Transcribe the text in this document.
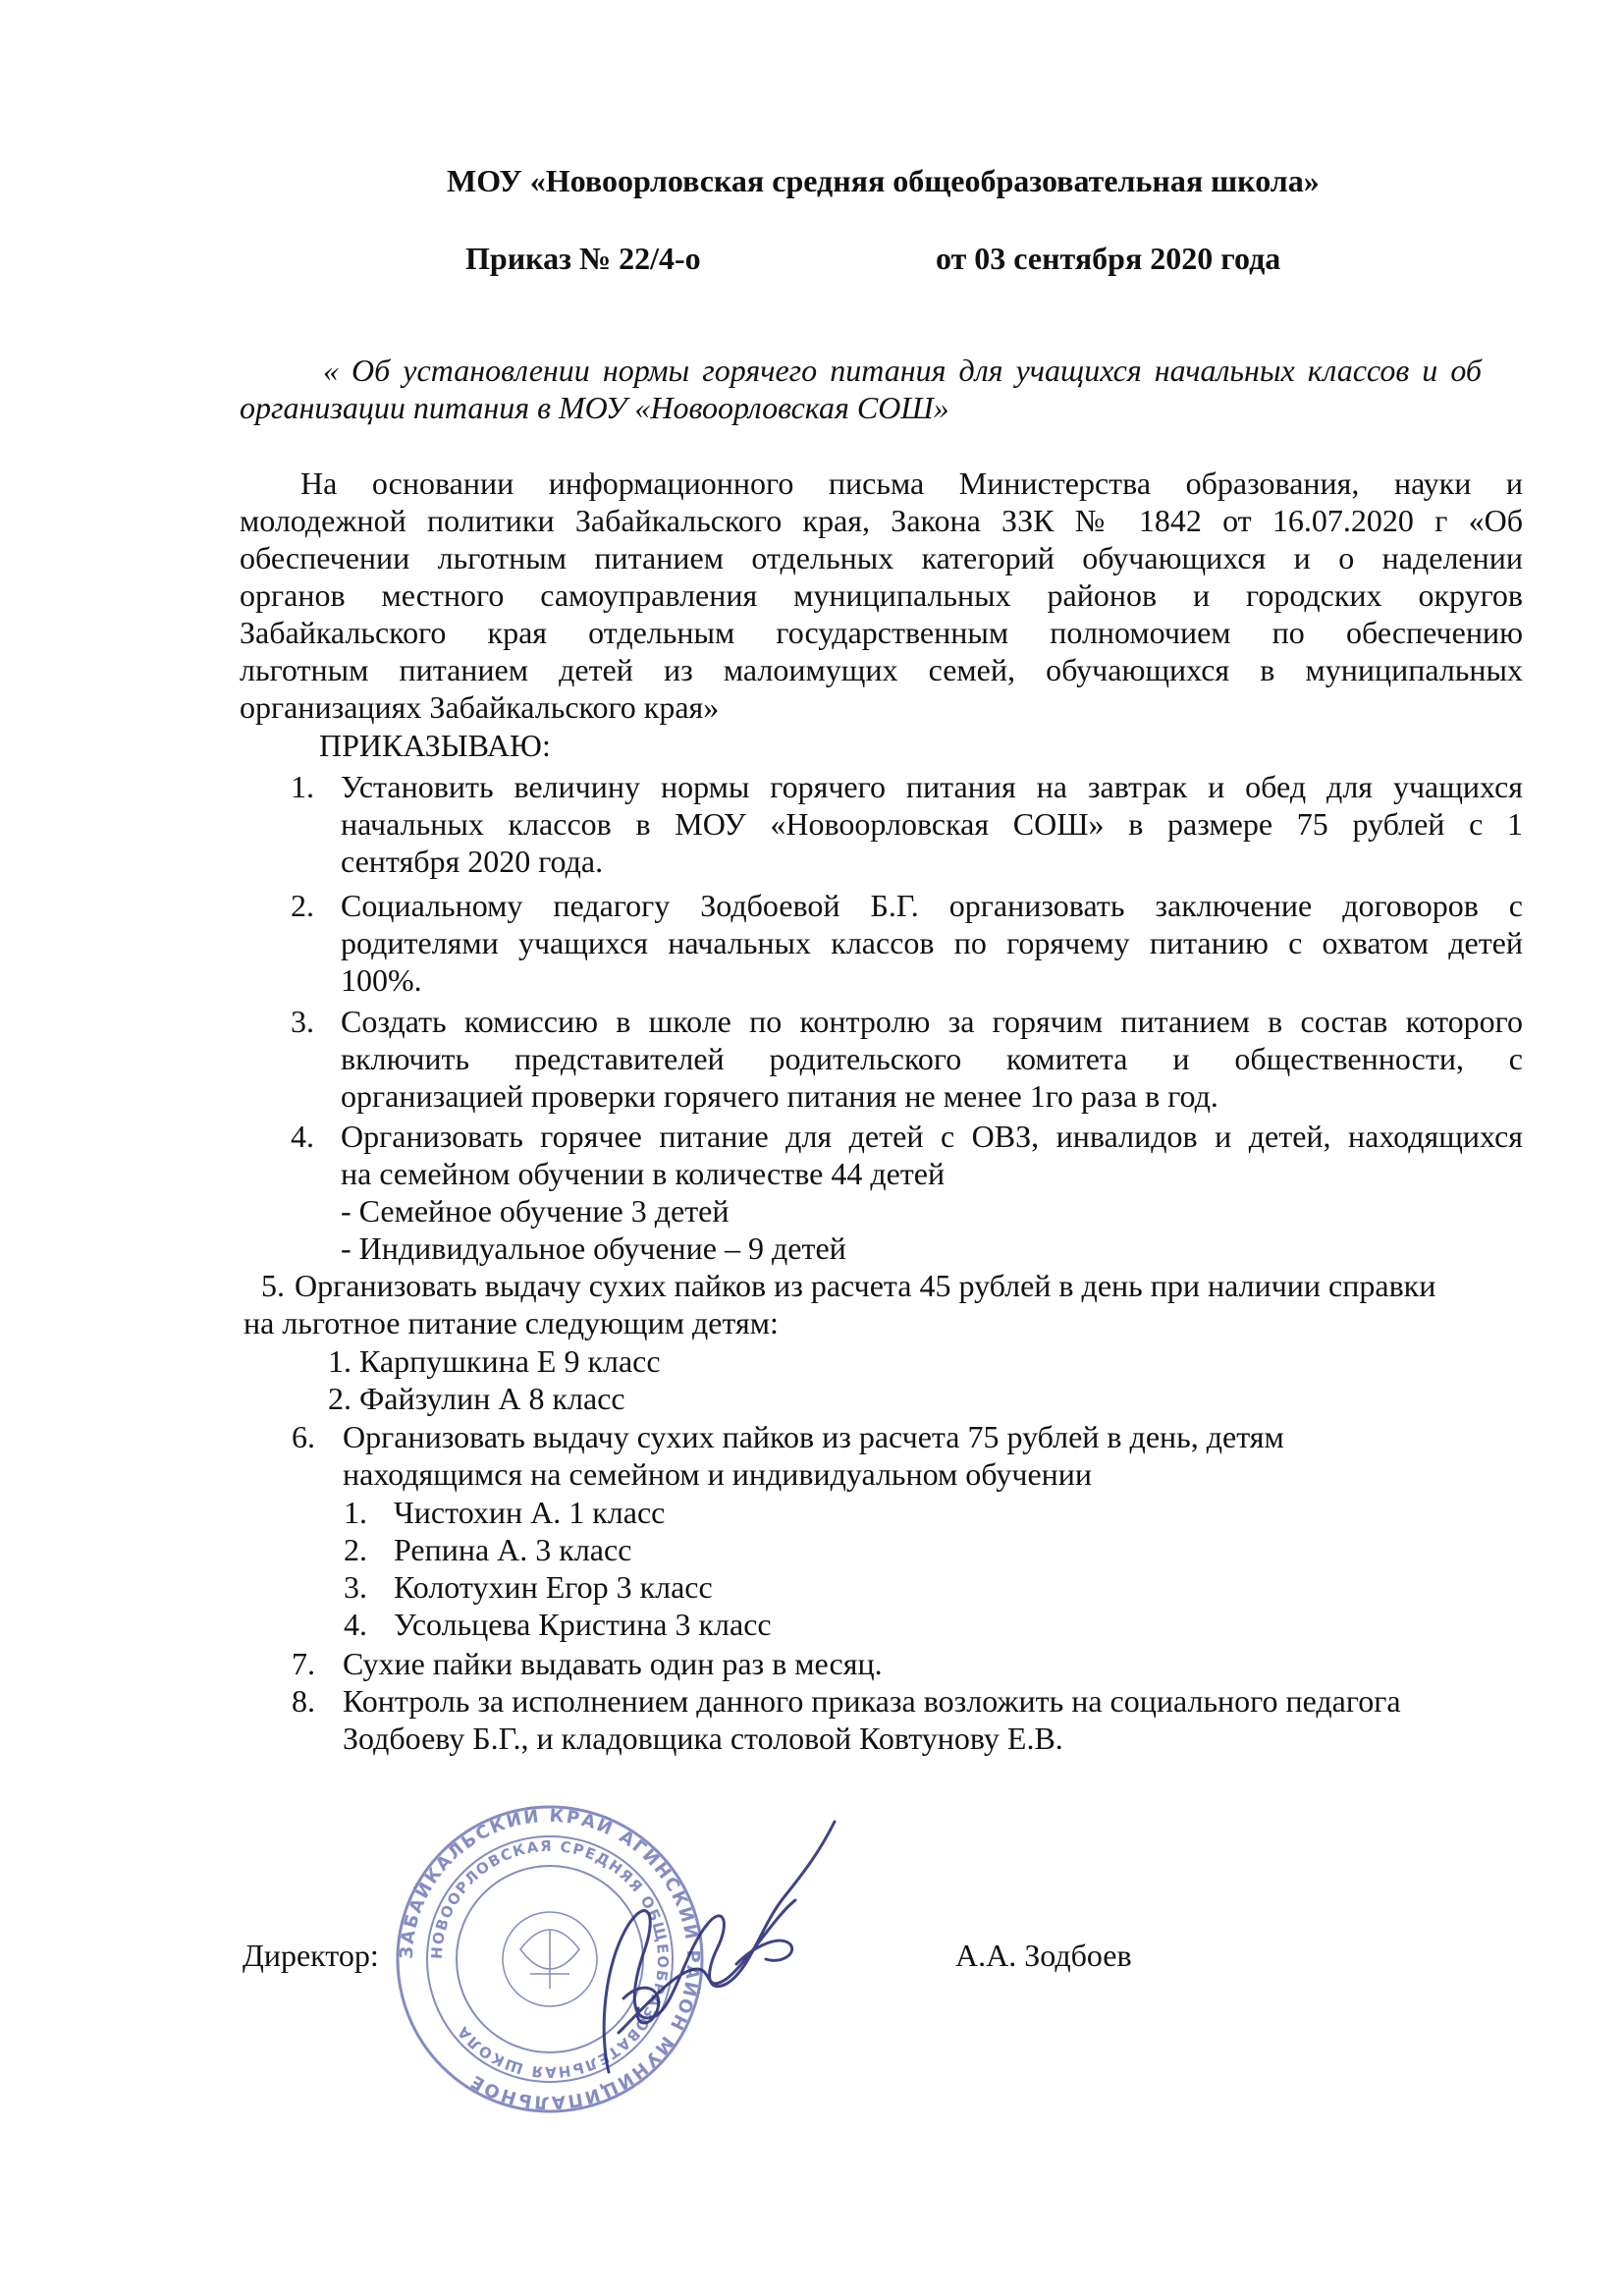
МОУ «Новоорловская средняя общеобразовательная школа»

Приказ № 22/4-о	от 03 сентября 2020 года

« Об установлении нормы горячего питания для учащихся начальных классов и об

организации питания в МОУ «Новоорловская СОШ»

На основании информационного письма Министерства образования, науки и

молодежной политики Забайкальского края, Закона ЗЗК № 1842 от 16.07.2020 г «Об

обеспечении льготным питанием отдельных категорий обучающихся и о наделении

органов местного самоуправления муниципальных районов и городских округов

Забайкальского края отдельным государственным полномочием по обеспечению

льготным питанием детей из малоимущих семей, обучающихся в муниципальных

организациях Забайкальского края»

ПРИКАЗЫВАЮ:

1. Установить величину нормы горячего питания на завтрак и обед для учащихся

начальных классов в МОУ «Новоорловская СОШ» в размере 75 рублей с 1

сентября 2020 года.

2. Социальному педагогу Зодбоевой Б.Г. организовать заключение договоров с

родителями учащихся начальных классов по горячему питанию с охватом детей

100%.

3. Создать комиссию в школе по контролю за горячим питанием в состав которого

включить представителей родительского комитета и общественности, с

организацией проверки горячего питания не менее 1го раза в год.

4. Организовать горячее питание для детей с ОВЗ, инвалидов и детей, находящихся

на семейном обучении в количестве 44 детей

- Семейное обучение 3 детей

- Индивидуальное обучение – 9 детей

5. Организовать выдачу сухих пайков из расчета 45 рублей в день при наличии справки

на льготное питание следующим детям:

1. Карпушкина Е 9 класс

2. Файзулин А 8 класс

6. Организовать выдачу сухих пайков из расчета 75 рублей в день, детям

находящимся на семейном и индивидуальном обучении

1. Чистохин А. 1 класс

2. Репина А. 3 класс

3. Колотухин Егор 3 класс

4. Усольцева Кристина 3 класс

7. Сухие пайки выдавать один раз в месяц.

8. Контроль за исполнением данного приказа возложить на социального педагога

Зодбоеву Б.Г., и кладовщика столовой Ковтунову Е.В.

Директор:	А.А. Зодбоев

ЗАБАЙКАЛЬСКИЙ КРАЙ АГИНСКИЙ РАЙОН МУНИЦИПАЛЬНОЕ
НОВООРЛОВСКАЯ СРЕДНЯЯ ОБЩЕОБРАЗОВАТЕЛЬНАЯ ШКОЛА
